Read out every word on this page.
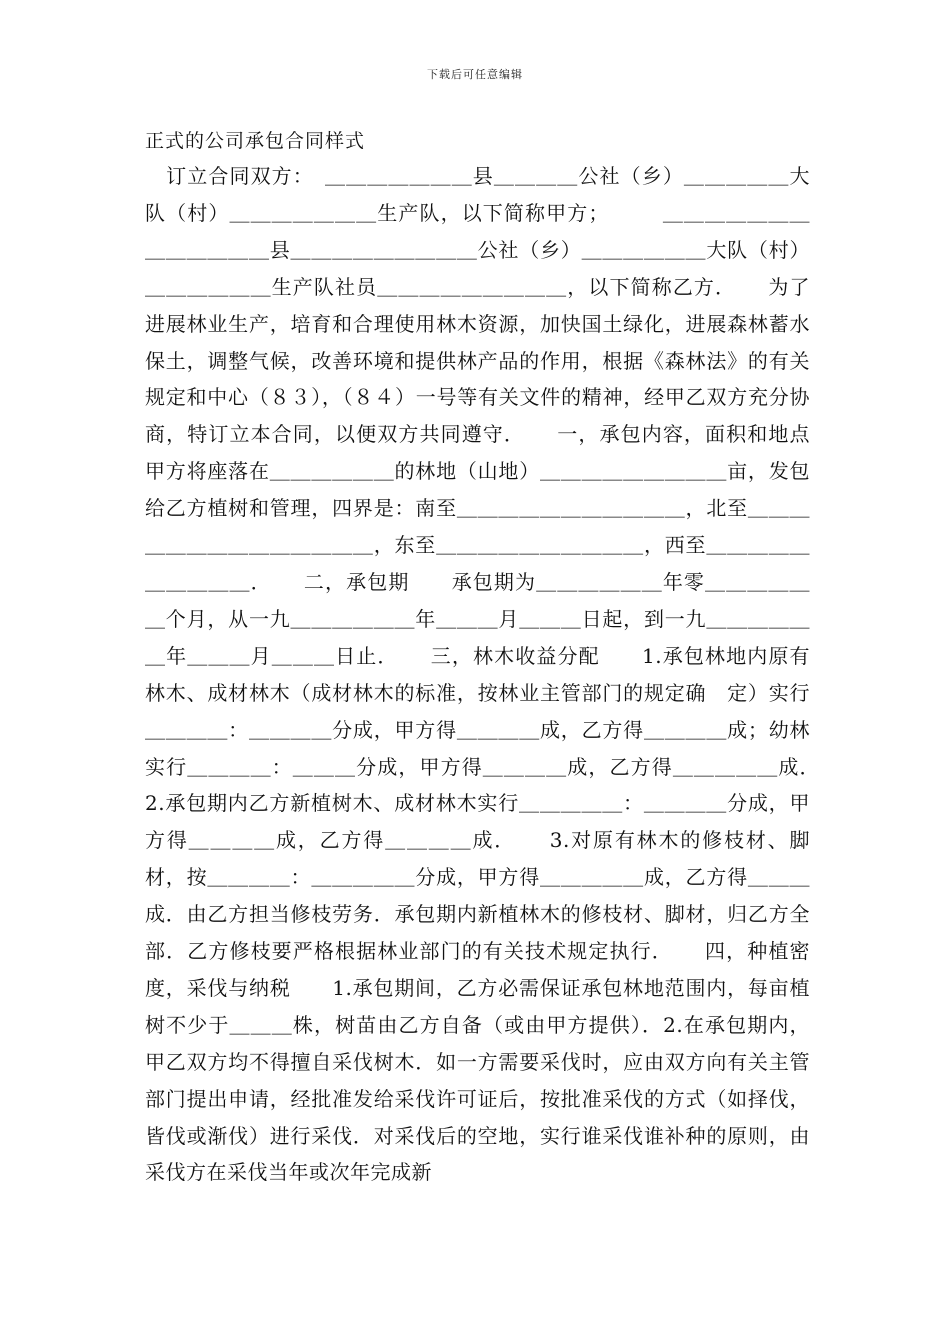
下载后可任意编辑
正式的公司承包合同样式

　订立合同双方：　＿＿＿＿＿＿＿县＿＿＿＿公社（乡）＿＿＿＿＿大队（村）＿＿＿＿＿＿＿生产队，以下简称甲方；　　　＿＿＿＿＿＿＿＿＿＿＿＿＿县＿＿＿＿＿＿＿＿＿公社（乡）＿＿＿＿＿＿大队（村）＿＿＿＿＿＿生产队社员＿＿＿＿＿＿＿＿＿，以下简称乙方．　　为了进展林业生产，培育和合理使用林木资源，加快国土绿化，进展森林蓄水保土，调整气候，改善环境和提供林产品的作用，根据《森林法》的有关规定和中心（８３），（８４）一号等有关文件的精神，经甲乙双方充分协商，特订立本合同，以便双方共同遵守．　　一，承包内容，面积和地点　　甲方将座落在＿＿＿＿＿＿的林地（山地）＿＿＿＿＿＿＿＿＿亩，发包给乙方植树和管理，四界是：南至＿＿＿＿＿＿＿＿＿＿＿，北至＿＿＿＿＿＿＿＿＿＿＿＿＿＿，东至＿＿＿＿＿＿＿＿＿＿，西至＿＿＿＿＿＿＿＿＿＿．　　二，承包期　　承包期为＿＿＿＿＿＿年零＿＿＿＿＿＿个月，从一九＿＿＿＿＿＿年＿＿＿月＿＿＿日起，到一九＿＿＿＿＿＿年＿＿＿月＿＿＿日止．　　三，林木收益分配　　1.承包林地内原有林木、成材林木（成材林木的标准，按林业主管部门的规定确　定）实行＿＿＿＿：＿＿＿＿分成，甲方得＿＿＿＿成，乙方得＿＿＿＿成；幼林实行＿＿＿＿：＿＿＿分成，甲方得＿＿＿＿成，乙方得＿＿＿＿＿成．　　2.承包期内乙方新植树木、成材林木实行＿＿＿＿＿：＿＿＿＿分成，甲方得＿＿＿＿成，乙方得＿＿＿＿成．　　3.对原有林木的修枝材、脚材，按＿＿＿＿：＿＿＿＿＿分成，甲方得＿＿＿＿＿成，乙方得＿＿＿成．由乙方担当修枝劳务．承包期内新植林木的修枝材、脚材，归乙方全部．乙方修枝要严格根据林业部门的有关技术规定执行．　　四，种植密度，采伐与纳税　　1.承包期间，乙方必需保证承包林地范围内，每亩植树不少于＿＿＿株，树苗由乙方自备（或由甲方提供）．2.在承包期内，甲乙双方均不得擅自采伐树木．如一方需要采伐时，应由双方向有关主管部门提出申请，经批准发给采伐许可证后，按批准采伐的方式（如择伐，皆伐或渐伐）进行采伐．对采伐后的空地，实行谁采伐谁补种的原则，由采伐方在采伐当年或次年完成新
